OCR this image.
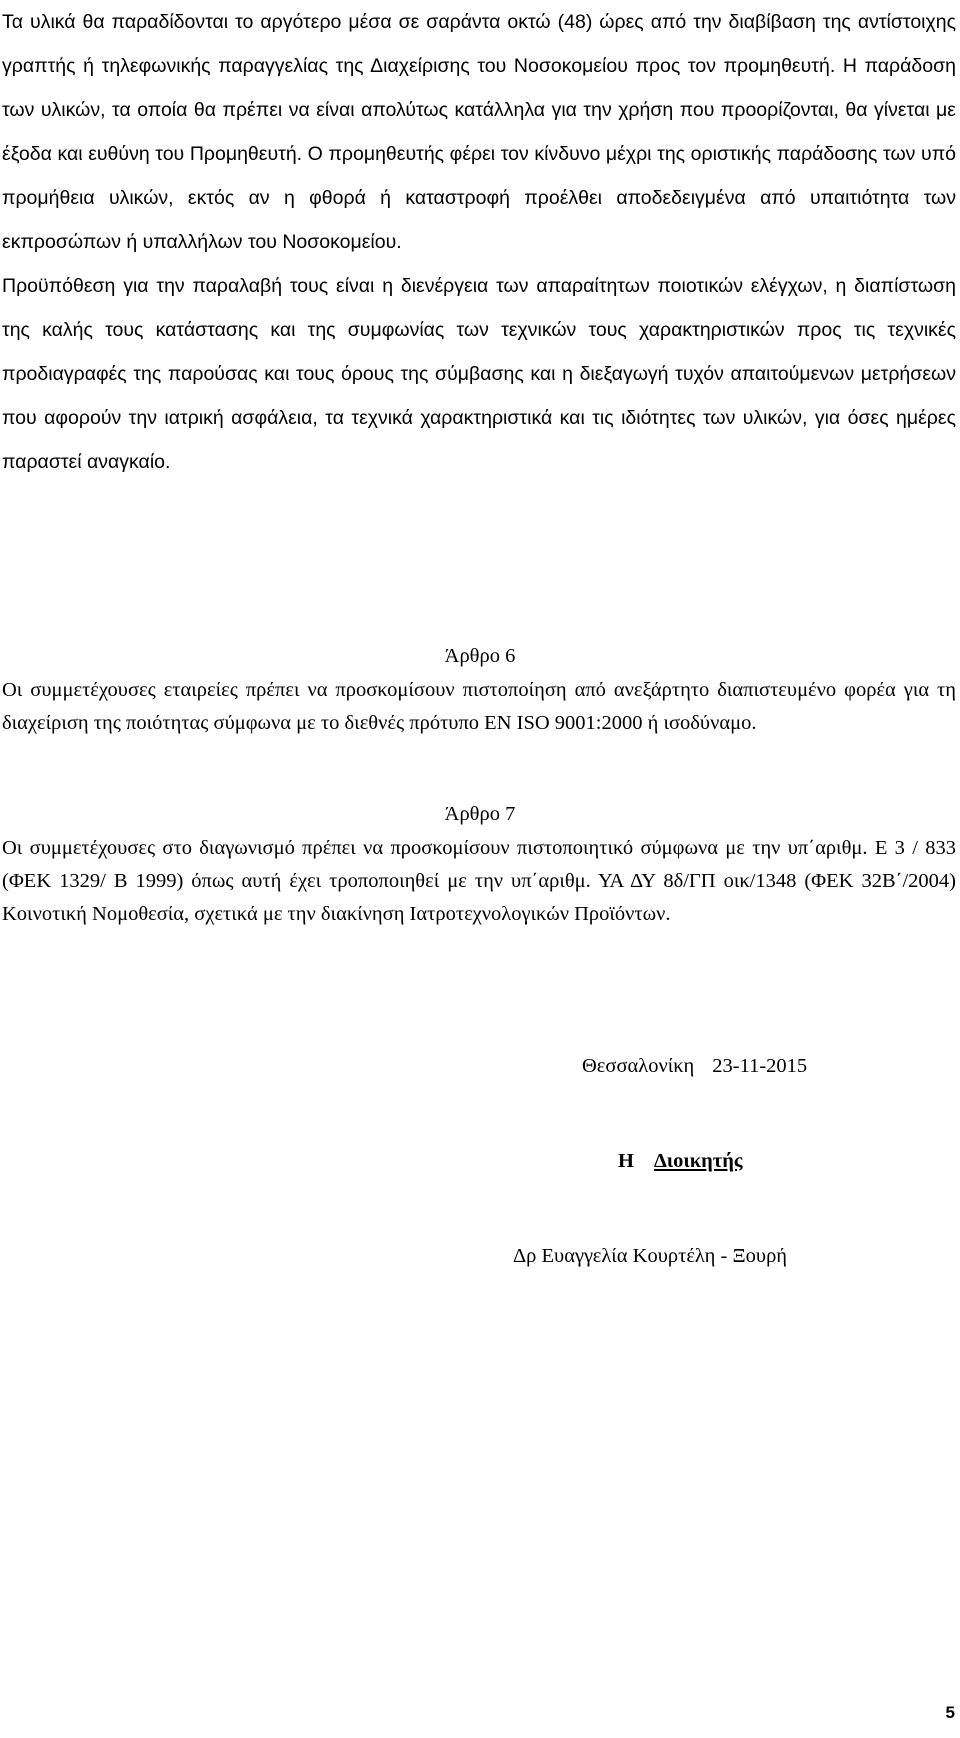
Τα υλικά θα παραδίδονται το αργότερο μέσα σε σαράντα οκτώ (48) ώρες από την διαβίβαση της αντίστοιχης γραπτής ή τηλεφωνικής παραγγελίας της Διαχείρισης του Νοσοκομείου προς τον προμηθευτή. Η παράδοση των υλικών, τα οποία θα πρέπει να είναι απολύτως κατάλληλα για την χρήση που προορίζονται, θα γίνεται με έξοδα και ευθύνη του Προμηθευτή. Ο προμηθευτής φέρει τον κίνδυνο μέχρι της οριστικής παράδοσης των υπό προμήθεια υλικών, εκτός αν η φθορά ή καταστροφή προέλθει αποδεδειγμένα από υπαιτιότητα των εκπροσώπων ή υπαλλήλων του Νοσοκομείου.

Προϋπόθεση για την παραλαβή τους είναι η διενέργεια των απαραίτητων ποιοτικών ελέγχων, η διαπίστωση της καλής τους κατάστασης και της συμφωνίας των τεχνικών τους χαρακτηριστικών προς τις τεχνικές προδιαγραφές της παρούσας και τους όρους της σύμβασης και η διεξαγωγή τυχόν απαιτούμενων μετρήσεων που αφορούν την ιατρική ασφάλεια, τα τεχνικά χαρακτηριστικά και τις ιδιότητες των υλικών, για όσες ημέρες παραστεί αναγκαίο.

Άρθρο 6

Οι συμμετέχουσες εταιρείες πρέπει να προσκομίσουν πιστοποίηση από ανεξάρτητο διαπιστευμένο φορέα για τη διαχείριση της ποιότητας σύμφωνα με το διεθνές πρότυπο ΕΝ ISO 9001:2000 ή ισοδύναμο.

Άρθρο 7

Οι συμμετέχουσες στο διαγωνισμό πρέπει να προσκομίσουν πιστοποιητικό σύμφωνα με την υπ΄αριθμ. Ε 3 / 833 (ΦΕΚ 1329/ Β 1999) όπως αυτή έχει τροποποιηθεί με την υπ΄αριθμ. ΥΑ ΔΥ 8δ/ΓΠ οικ/1348 (ΦΕΚ 32Β΄/2004) Κοινοτική Νομοθεσία, σχετικά με την διακίνηση Ιατροτεχνολογικών Προϊόντων.

Θεσσαλονίκη 23-11-2015
Η Διοικητής
Δρ Ευαγγελία Κουρτέλη - Ξουρή
5
